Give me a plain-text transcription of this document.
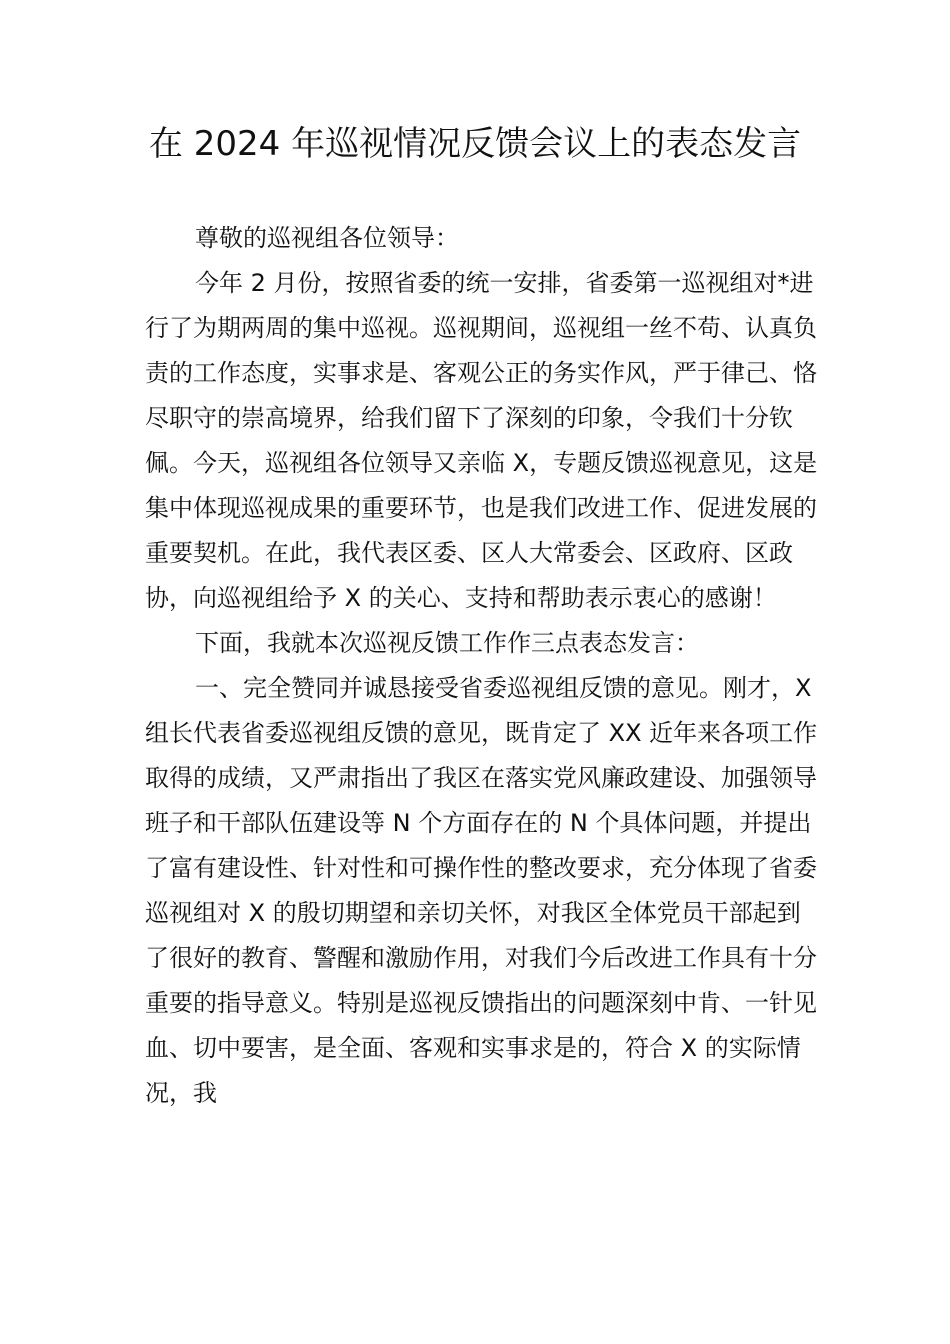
在 2024 年巡视情况反馈会议上的表态发言

尊敬的巡视组各位领导：

今年 2 月份，按照省委的统一安排，省委第一巡视组对*进行了为期两周的集中巡视。巡视期间，巡视组一丝不苟、认真负责的工作态度，实事求是、客观公正的务实作风，严于律己、恪尽职守的崇高境界，给我们留下了深刻的印象，令我们十分钦佩。今天，巡视组各位领导又亲临 X，专题反馈巡视意见，这是集中体现巡视成果的重要环节，也是我们改进工作、促进发展的重要契机。在此，我代表区委、区人大常委会、区政府、区政协，向巡视组给予 X 的关心、支持和帮助表示衷心的感谢！

下面，我就本次巡视反馈工作作三点表态发言：

一、完全赞同并诚恳接受省委巡视组反馈的意见。刚才，X 组长代表省委巡视组反馈的意见，既肯定了 XX 近年来各项工作取得的成绩，又严肃指出了我区在落实党风廉政建设、加强领导班子和干部队伍建设等 N 个方面存在的 N 个具体问题，并提出了富有建设性、针对性和可操作性的整改要求，充分体现了省委巡视组对 X 的殷切期望和亲切关怀，对我区全体党员干部起到了很好的教育、警醒和激励作用，对我们今后改进工作具有十分重要的指导意义。特别是巡视反馈指出的问题深刻中肯、一针见血、切中要害，是全面、客观和实事求是的，符合 X 的实际情况，我
